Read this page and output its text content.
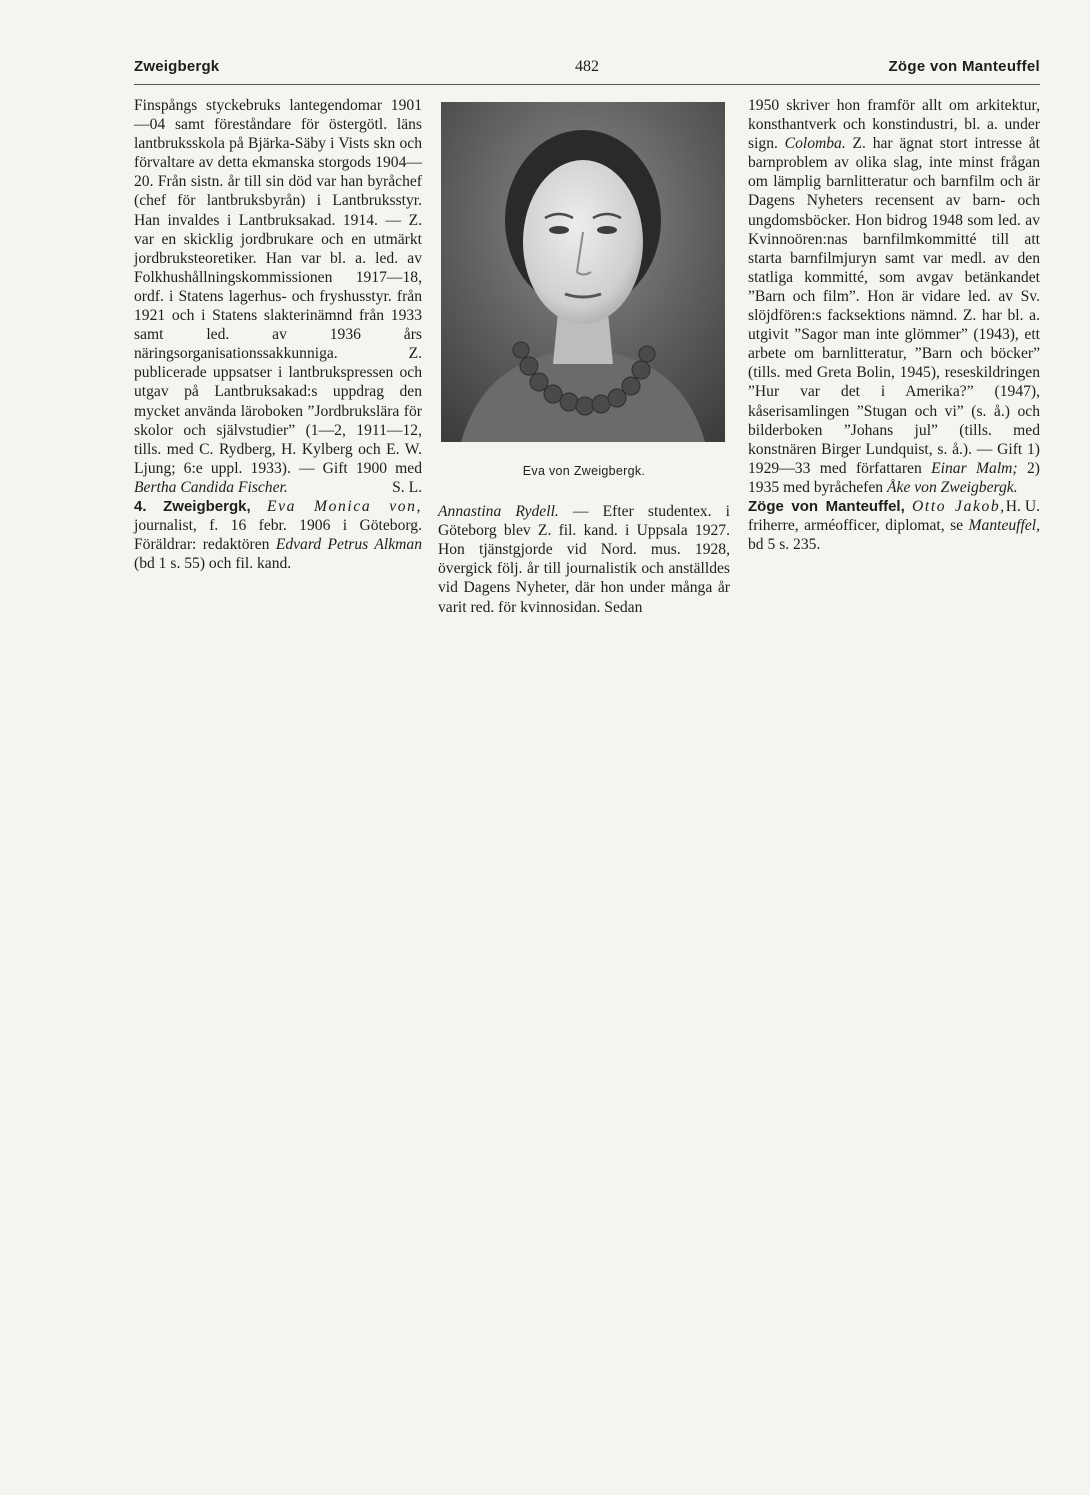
Zweigbergk	482	Zöge von Manteuffel

Finspångs styckebruks lantegendomar 1901—04 samt föreståndare för östergötl. läns lantbruksskola på Bjärka-Säby i Vists skn och förvaltare av detta ekmanska storgods 1904—20. Från sistn. år till sin död var han byråchef (chef för lantbruksbyrån) i Lantbruksstyr. Han invaldes i Lantbruksakad. 1914. — Z. var en skicklig jordbrukare och en utmärkt jordbruksteoretiker. Han var bl. a. led. av Folkhushållningskommissionen 1917—18, ordf. i Statens lagerhus- och fryshusstyr. från 1921 och i Statens slakterinämnd från 1933 samt led. av 1936 års näringsorganisationssakkunniga. Z. publicerade uppsatser i lantbrukspressen och utgav på Lantbruksakad:s uppdrag den mycket använda läroboken ”Jordbrukslära för skolor och självstudier” (1—2, 1911—12, tills. med C. Rydberg, H. Kylberg och E. W. Ljung; 6:e uppl. 1933). — Gift 1900 med Bertha Candida Fischer.	S. L.

4. Zweigbergk, Eva Monica von, journalist, f. 16 febr. 1906 i Göteborg. Föräldrar: redaktören Edvard Petrus Alkman (bd 1 s. 55) och fil. kand.

Eva von Zweigbergk.

Annastina Rydell. — Efter studentex. i Göteborg blev Z. fil. kand. i Uppsala 1927. Hon tjänstgjorde vid Nord. mus. 1928, övergick följ. år till journalistik och anställdes vid Dagens Nyheter, där hon under många år varit red. för kvinnosidan. Sedan

1950 skriver hon framför allt om arkitektur, konsthantverk och konstindustri, bl. a. under sign. Colomba. Z. har ägnat stort intresse åt barnproblem av olika slag, inte minst frågan om lämplig barnlitteratur och barnfilm och är Dagens Nyheters recensent av barn- och ungdomsböcker. Hon bidrog 1948 som led. av Kvinnoören:nas barnfilmkommitté till att starta barnfilmjuryn samt var medl. av den statliga kommitté, som avgav betänkandet ”Barn och film”. Hon är vidare led. av Sv. slöjdfören:s facksektions nämnd. Z. har bl. a. utgivit ”Sagor man inte glömmer” (1943), ett arbete om barnlitteratur, ”Barn och böcker” (tills. med Greta Bolin, 1945), reseskildringen ”Hur var det i Amerika?” (1947), kåserisamlingen ”Stugan och vi” (s. å.) och bilderboken ”Johans jul” (tills. med konstnären Birger Lundquist, s. å.). — Gift 1) 1929—33 med författaren Einar Malm; 2) 1935 med byråchefen Åke von Zweigbergk.
H. U.

Zöge von Manteuffel, Otto Jakob, friherre, arméofficer, diplomat, se Manteuffel, bd 5 s. 235.
